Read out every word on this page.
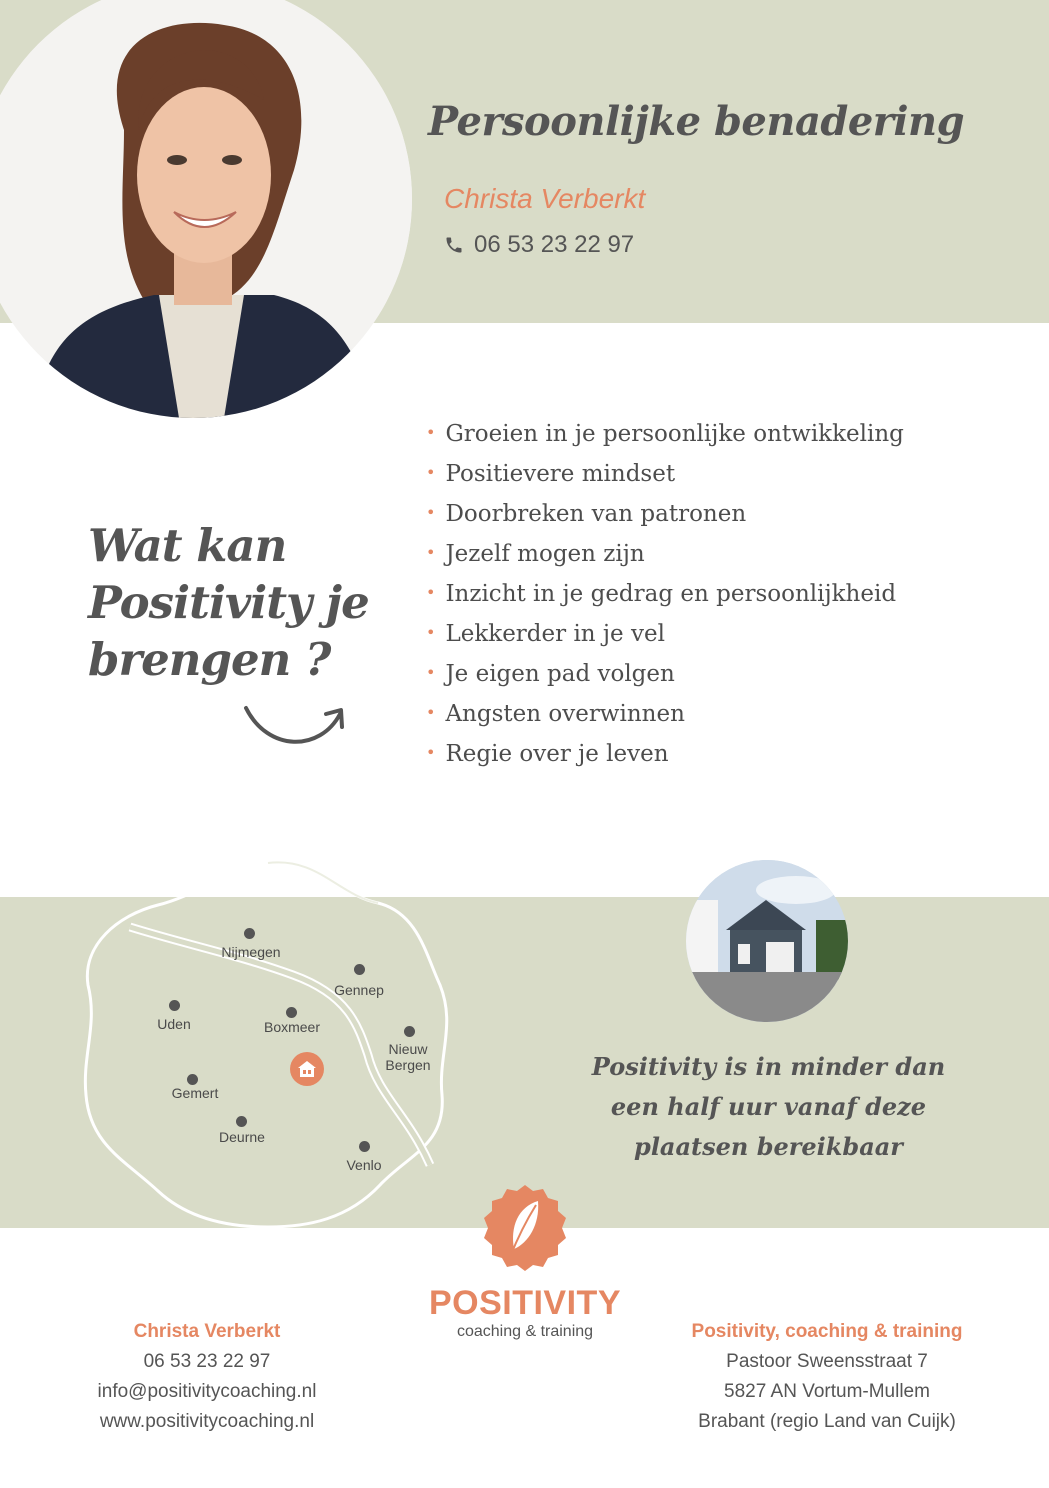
Persoonlijke benadering
Christa Verberkt
06 53 23 22 97
Wat kan Positivity je brengen ?
• Groeien in je persoonlijke ontwikkeling
• Positievere mindset
• Doorbreken van patronen
• Jezelf mogen zijn
• Inzicht in je gedrag en persoonlijkheid
• Lekkerder in je vel
• Je eigen pad volgen
• Angsten overwinnen
• Regie over je leven
Nijmegen
Gennep
Uden	Boxmeer
Nieuw Bergen
Gemert
Deurne
Venlo

Positivity is in minder dan een half uur vanaf deze plaatsen bereikbaar

POSITIVITY
coaching & training
Christa Verberkt
06 53 23 22 97
info@positivitycoaching.nl
www.positivitycoaching.nl
Positivity, coaching & training
Pastoor Sweensstraat 7
5827 AN Vortum-Mullem
Brabant (regio Land van Cuijk)
